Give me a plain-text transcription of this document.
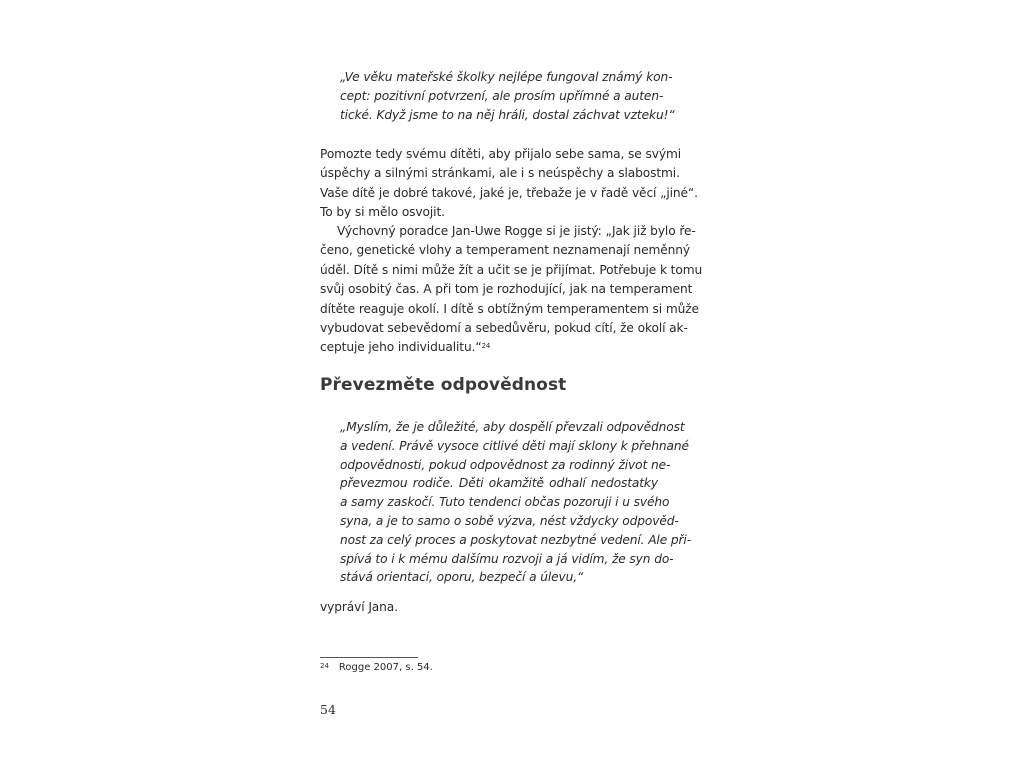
„Ve věku mateřské školky nejlépe fungoval známý kon-
cept: pozitivní potvrzení, ale prosím upřímné a auten-
tické. Když jsme to na něj hráli, dostal záchvat vzteku!“
Pomozte tedy svému dítěti, aby přijalo sebe sama, se svými
úspěchy a silnými stránkami, ale i s neúspěchy a slabostmi.
Vaše dítě je dobré takové, jaké je, třebaže je v řadě věcí „jiné“.
To by si mělo osvojit.
Výchovný poradce Jan-Uwe Rogge si je jistý: „Jak již bylo ře-
čeno, genetické vlohy a temperament neznamenají neměnný
úděl. Dítě s nimi může žít a učit se je přijímat. Potřebuje k tomu
svůj osobitý čas. A při tom je rozhodující, jak na temperament
dítěte reaguje okolí. I dítě s obtížným temperamentem si může
vybudovat sebevědomí a sebedůvěru, pokud cítí, že okolí ak-
ceptuje jeho individualitu.“$^{24}$
Převezměte odpovědnost
„Myslím, že je důležité, aby dospělí převzali odpovědnost
a vedení. Právě vysoce citlivé děti mají sklony k přehnané
odpovědnosti, pokud odpovědnost za rodinný život ne-
převezmou rodiče. Děti okamžitě odhalí nedostatky
a samy zaskočí. Tuto tendenci občas pozoruji i u svého
syna, a je to samo o sobě výzva, nést vždycky odpověd-
nost za celý proces a poskytovat nezbytné vedení. Ale při-
spívá to i k mému dalšímu rozvoji a já vidím, že syn do-
stává orientaci, oporu, bezpečí a úlevu,“
vypráví Jana.
$^{24}$ Rogge 2007, s. 54.
54
